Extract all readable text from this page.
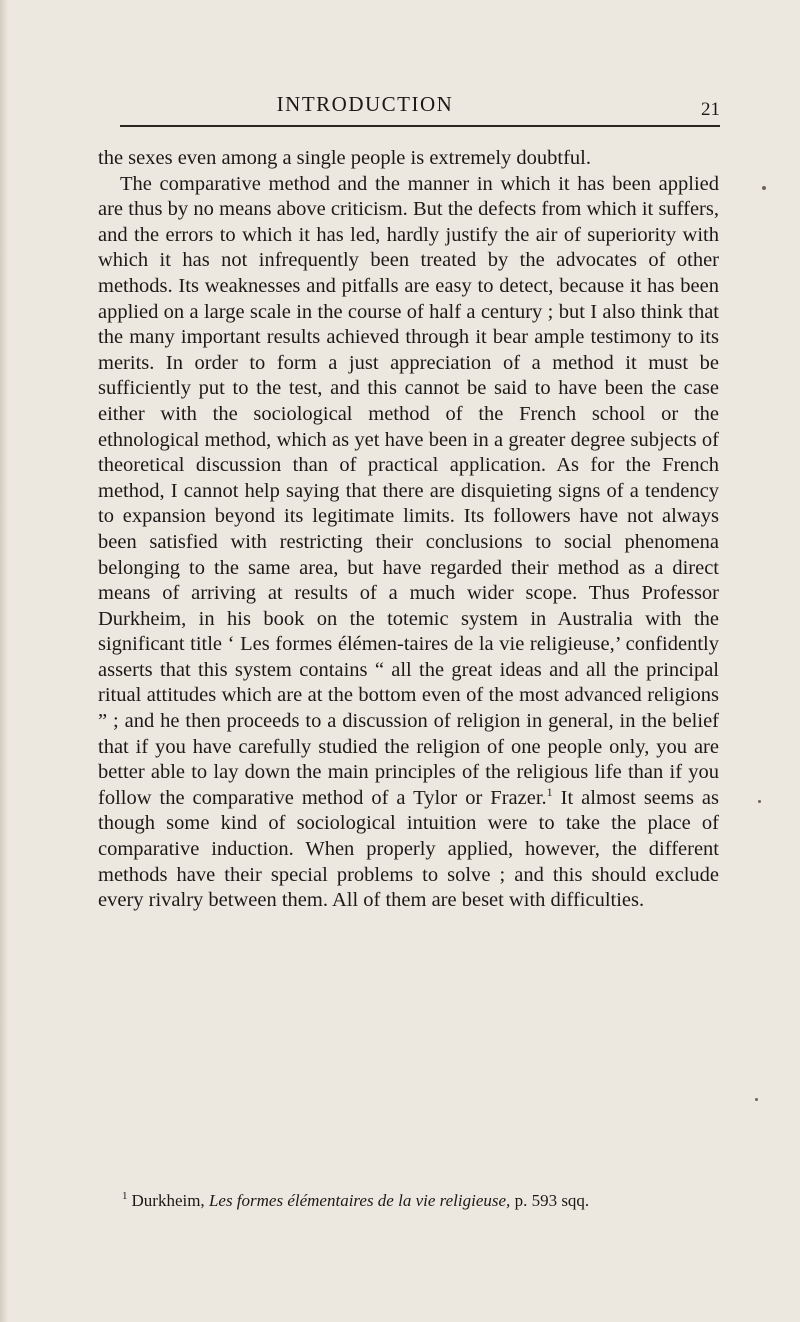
INTRODUCTION	21

the sexes even among a single people is extremely doubtful.

The comparative method and the manner in which it has been applied are thus by no means above criticism. But the defects from which it suffers, and the errors to which it has led, hardly justify the air of superiority with which it has not infrequently been treated by the advocates of other methods. Its weaknesses and pitfalls are easy to detect, because it has been applied on a large scale in the course of half a century ; but I also think that the many important results achieved through it bear ample testimony to its merits. In order to form a just appreciation of a method it must be sufficiently put to the test, and this cannot be said to have been the case either with the sociological method of the French school or the ethnological method, which as yet have been in a greater degree subjects of theoretical discussion than of practical application. As for the French method, I cannot help saying that there are disquieting signs of a tendency to expansion beyond its legitimate limits. Its followers have not always been satisfied with restricting their conclusions to social phenomena belonging to the same area, but have regarded their method as a direct means of arriving at results of a much wider scope. Thus Professor Durkheim, in his book on the totemic system in Australia with the significant title ‘ Les formes élémen-taires de la vie religieuse,’ confidently asserts that this system contains “ all the great ideas and all the principal ritual attitudes which are at the bottom even of the most advanced religions ” ; and he then proceeds to a discussion of religion in general, in the belief that if you have carefully studied the religion of one people only, you are better able to lay down the main principles of the religious life than if you follow the comparative method of a Tylor or Frazer.$^1$ It almost seems as though some kind of sociological intuition were to take the place of comparative induction. When properly applied, however, the different methods have their special problems to solve ; and this should exclude every rivalry between them. All of them are beset with difficulties.

$^1$ Durkheim, Les formes élémentaires de la vie religieuse, p. 593 sqq.
